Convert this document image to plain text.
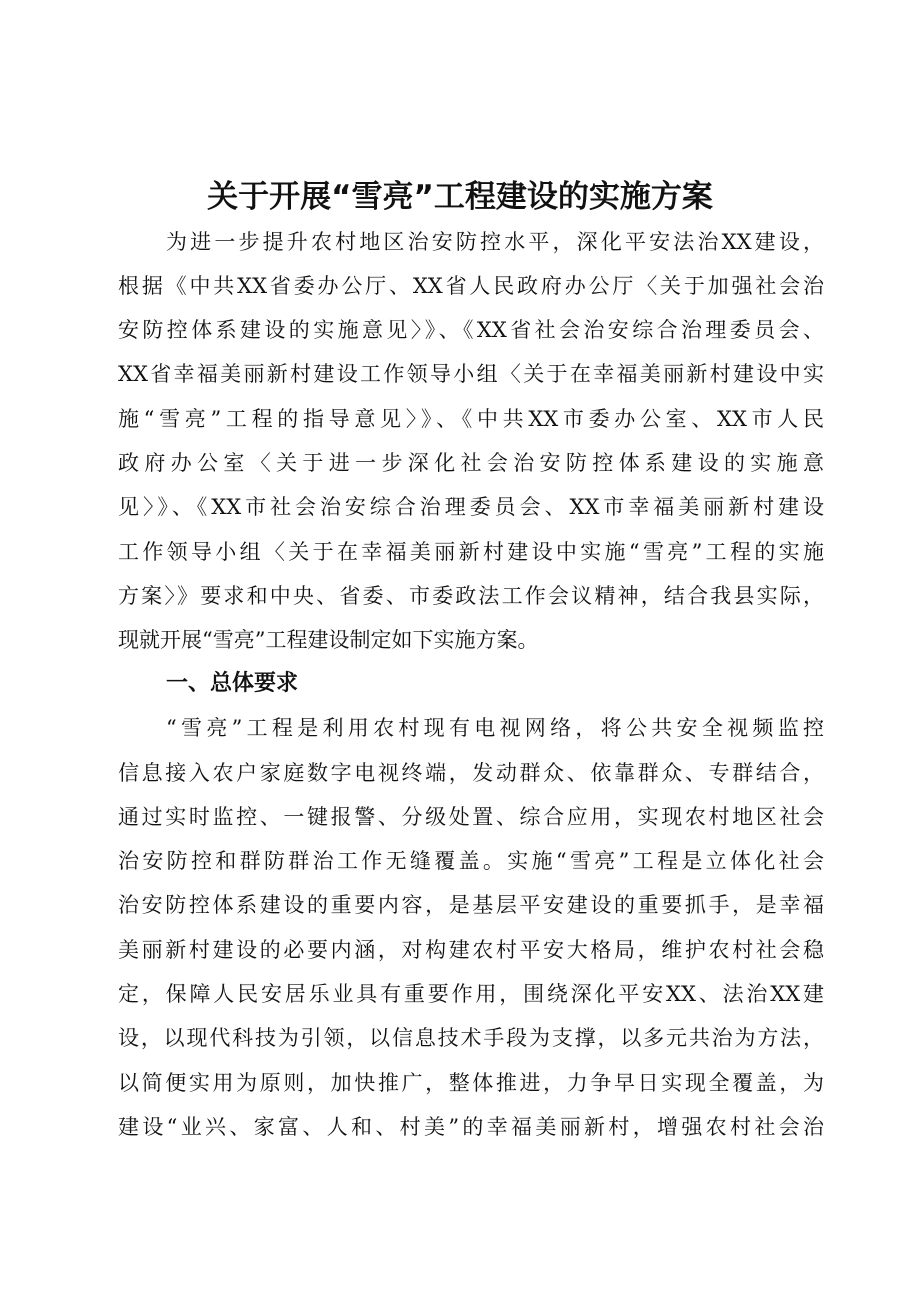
关于开展“雪亮”工程建设的实施方案

为进一步提升农村地区治安防控水平，深化平安法治XX建设，

根据《中共XX省委办公厅、XX省人民政府办公厅〈关于加强社会治

安防控体系建设的实施意见〉》、《XX省社会治安综合治理委员会、

XX省幸福美丽新村建设工作领导小组〈关于在幸福美丽新村建设中实

施“雪亮”工程的指导意见〉》、《中共XX市委办公室、XX市人民

政府办公室〈关于进一步深化社会治安防控体系建设的实施意

见〉》、《XX市社会治安综合治理委员会、XX市幸福美丽新村建设

工作领导小组〈关于在幸福美丽新村建设中实施“雪亮”工程的实施

方案〉》要求和中央、省委、市委政法工作会议精神，结合我县实际，

现就开展“雪亮”工程建设制定如下实施方案。

一、总体要求

“雪亮”工程是利用农村现有电视网络，将公共安全视频监控

信息接入农户家庭数字电视终端，发动群众、依靠群众、专群结合，

通过实时监控、一键报警、分级处置、综合应用，实现农村地区社会

治安防控和群防群治工作无缝覆盖。实施“雪亮”工程是立体化社会

治安防控体系建设的重要内容，是基层平安建设的重要抓手，是幸福

美丽新村建设的必要内涵，对构建农村平安大格局，维护农村社会稳

定，保障人民安居乐业具有重要作用，围绕深化平安XX、法治XX建

设，以现代科技为引领，以信息技术手段为支撑，以多元共治为方法，

以简便实用为原则，加快推广，整体推进，力争早日实现全覆盖，为

建设“业兴、家富、人和、村美”的幸福美丽新村，增强农村社会治
